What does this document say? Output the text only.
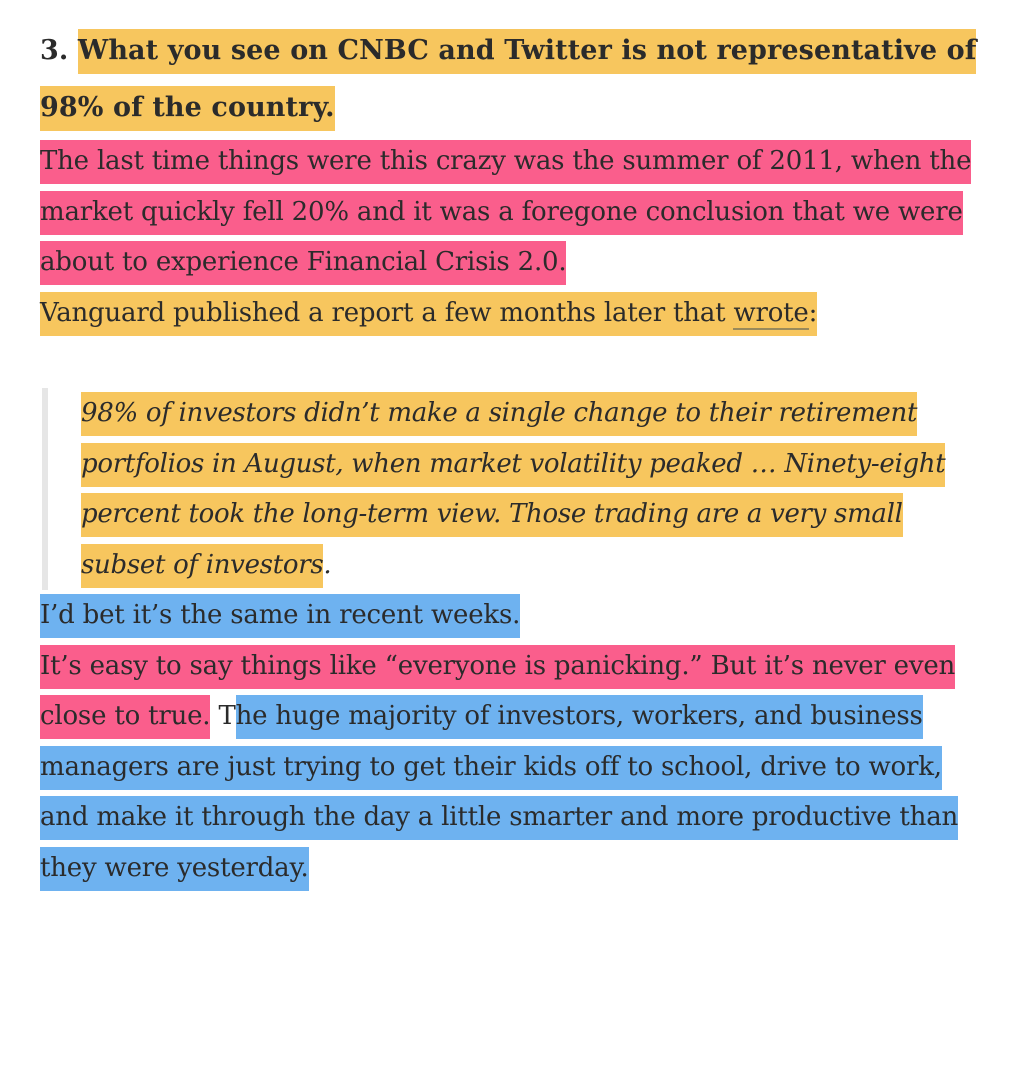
3. What you see on CNBC and Twitter is not representative of 98% of the country.

The last time things were this crazy was the summer of 2011, when the market quickly fell 20% and it was a foregone conclusion that we were about to experience Financial Crisis 2.0.

Vanguard published a report a few months later that wrote:

98% of investors didn’t make a single change to their retirement portfolios in August, when market volatility peaked … Ninety-eight percent took the long-term view. Those trading are a very small subset of investors.

I’d bet it’s the same in recent weeks.

It’s easy to say things like “everyone is panicking.” But it’s never even close to true. The huge majority of investors, workers, and business managers are just trying to get their kids off to school, drive to work, and make it through the day a little smarter and more productive than they were yesterday.
